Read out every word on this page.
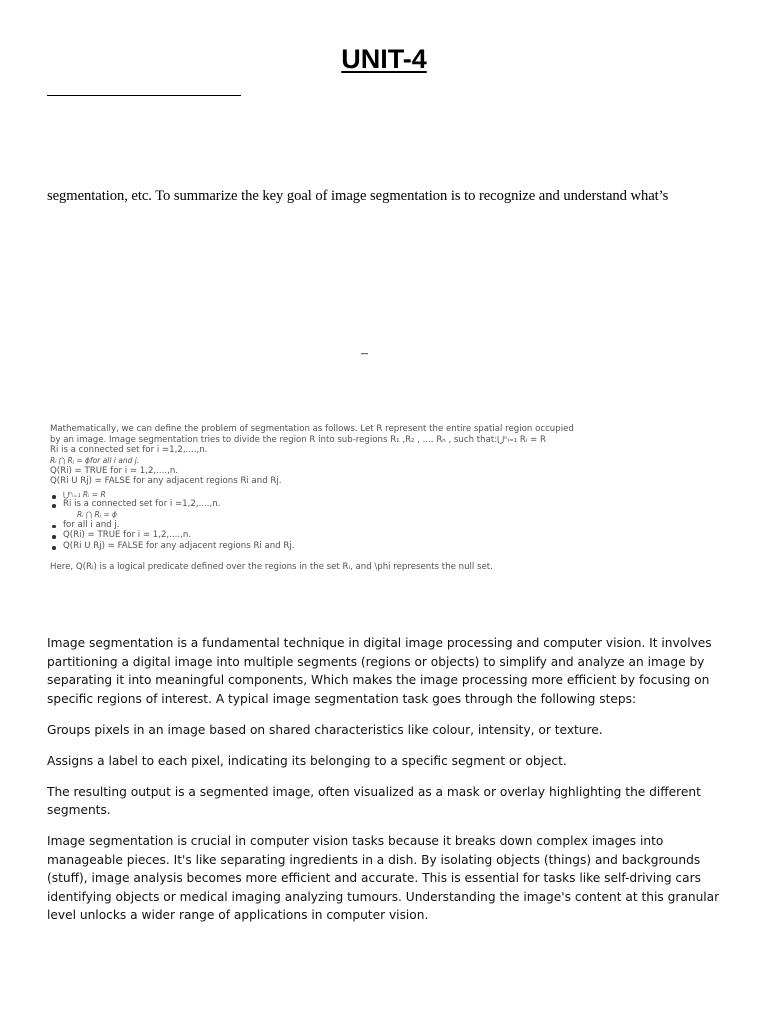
UNIT-4
segmentation, etc. To summarize the key goal of image segmentation is to recognize and understand what’s
–
Mathematically, we can define the problem of segmentation as follows. Let R represent the entire spatial region occupied
by an image. Image segmentation tries to divide the region R into sub-regions R₁ ,R₂ , .... Rₙ , such that:⋃ⁿᵢ₌₁ Rᵢ = R
Ri is a connected set for i =1,2,....,n.
Rᵢ ⋂ Rⱼ = ϕfor all i and j.
Q(Ri) = TRUE for i = 1,2,....,n.
Q(Ri U Rj) = FALSE for any adjacent regions Ri and Rj.
⋃ⁿᵢ₌₁ Rᵢ = R
Ri is a connected set for i =1,2,....,n.
Rᵢ ⋂ Rⱼ = ϕ
for all i and j.
Q(Ri) = TRUE for i = 1,2,....,n.
Q(Ri U Rj) = FALSE for any adjacent regions Ri and Rj.
Here, Q(Rᵢ) is a logical predicate defined over the regions in the set Rᵢ, and \phi represents the null set.

Image segmentation is a fundamental technique in digital image processing and computer vision. It involves partitioning a digital image into multiple segments (regions or objects) to simplify and analyze an image by separating it into meaningful components, Which makes the image processing more efficient by focusing on specific regions of interest. A typical image segmentation task goes through the following steps:

Groups pixels in an image based on shared characteristics like colour, intensity, or texture.

Assigns a label to each pixel, indicating its belonging to a specific segment or object.

The resulting output is a segmented image, often visualized as a mask or overlay highlighting the different segments.

Image segmentation is crucial in computer vision tasks because it breaks down complex images into manageable pieces. It's like separating ingredients in a dish. By isolating objects (things) and backgrounds (stuff), image analysis becomes more efficient and accurate. This is essential for tasks like self-driving cars identifying objects or medical imaging analyzing tumours. Understanding the image's content at this granular level unlocks a wider range of applications in computer vision.
